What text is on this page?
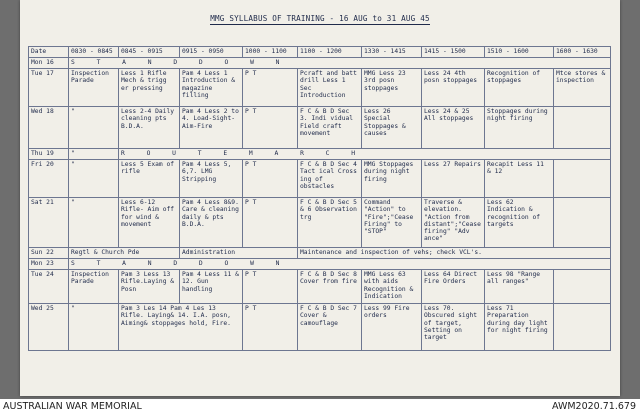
MMG SYLLABUS OF TRAINING - 16 AUG to 31 AUG 45
Date	0830 - 0845	0845 - 0915	0915 - 0950	1000 - 1100	1100 - 1200	1330 - 1415	1415 - 1500	1510 - 1600	1600 - 1630
Mon 16	S T A N D D O W N								
Tue 17	Inspection Parade	Less 1 Rifle Mech & trigg er pressing	Pam 4 Less 1 Introduction & magazine filling	P T	Pcraft and batt drill Less 1 Sec Introduction	MMG Less 23 3rd posn stoppages	Less 24 4th posn stoppages	Recognition of stoppages	Mtce stores & inspection
Wed 18	"	Less 2-4 Daily cleaning pts B.D.A.	Pam 4 Less 2 to 4. Load-Sight-Aim-Fire	P T	F C & B D Sec 3. Indi vidual Field craft movement	Less 26 Special Stoppages & causes	Less 24 & 25 All stoppages	Stoppages during night firing	
Thu 19	"	R O U T E M A R C H							
Fri 20	"	Less 5 Exam of rifle	Pam 4 Less 5, 6,7. LMG Stripping	P T	F C & B D Sec 4 Tact ical Cross ing of obstacles	MMG Stoppages during night firing	Less 27 Repairs	Recapit Less 11 & 12	
Sat 21	"	Less 6-12 Rifle- Aim off for wind & movement	Pam 4 Less 8&9. Care & cleaning daily & pts B.D.A.	P T	F C & B D Sec 5 & 6 Observation trg	Command "Action" to "Fire";"Cease Firing" to "STOP"	Traverse & elevation. "Action from distant";"Cease firing" "Adv ance"	Less 62 Indication & recognition of targets	
Sun 22	Regtl & Church Pde		Administration		Maintenance and inspection of vehs; check VCL's.				
Mon 23	S T A N D D O W N								
Tue 24	Inspection Parade	Pam 3 Less 13 Rifle.Laying & Posn	Pam 4 Less 11 & 12. Gun handling	P T	F C & B D Sec 8 Cover from fire	MMG Less 63 with aids Recognition & Indication	Less 64 Direct Fire Orders	Less 98 "Range all ranges"	
Wed 25	"	Pam 3 Les 14 Pam 4 Les 13 Rifle. Laying& 14. I.A. posn, Aiming& stoppages hold, Fire.		P T	F C & B D Sec 7 Cover & camouflage	Less 99 Fire orders	Less 70. Obscured sight of target, Setting on target	Less 71 Preparation during day light for night firing	
AUSTRALIAN WAR MEMORIAL	AWM2020.71.679
